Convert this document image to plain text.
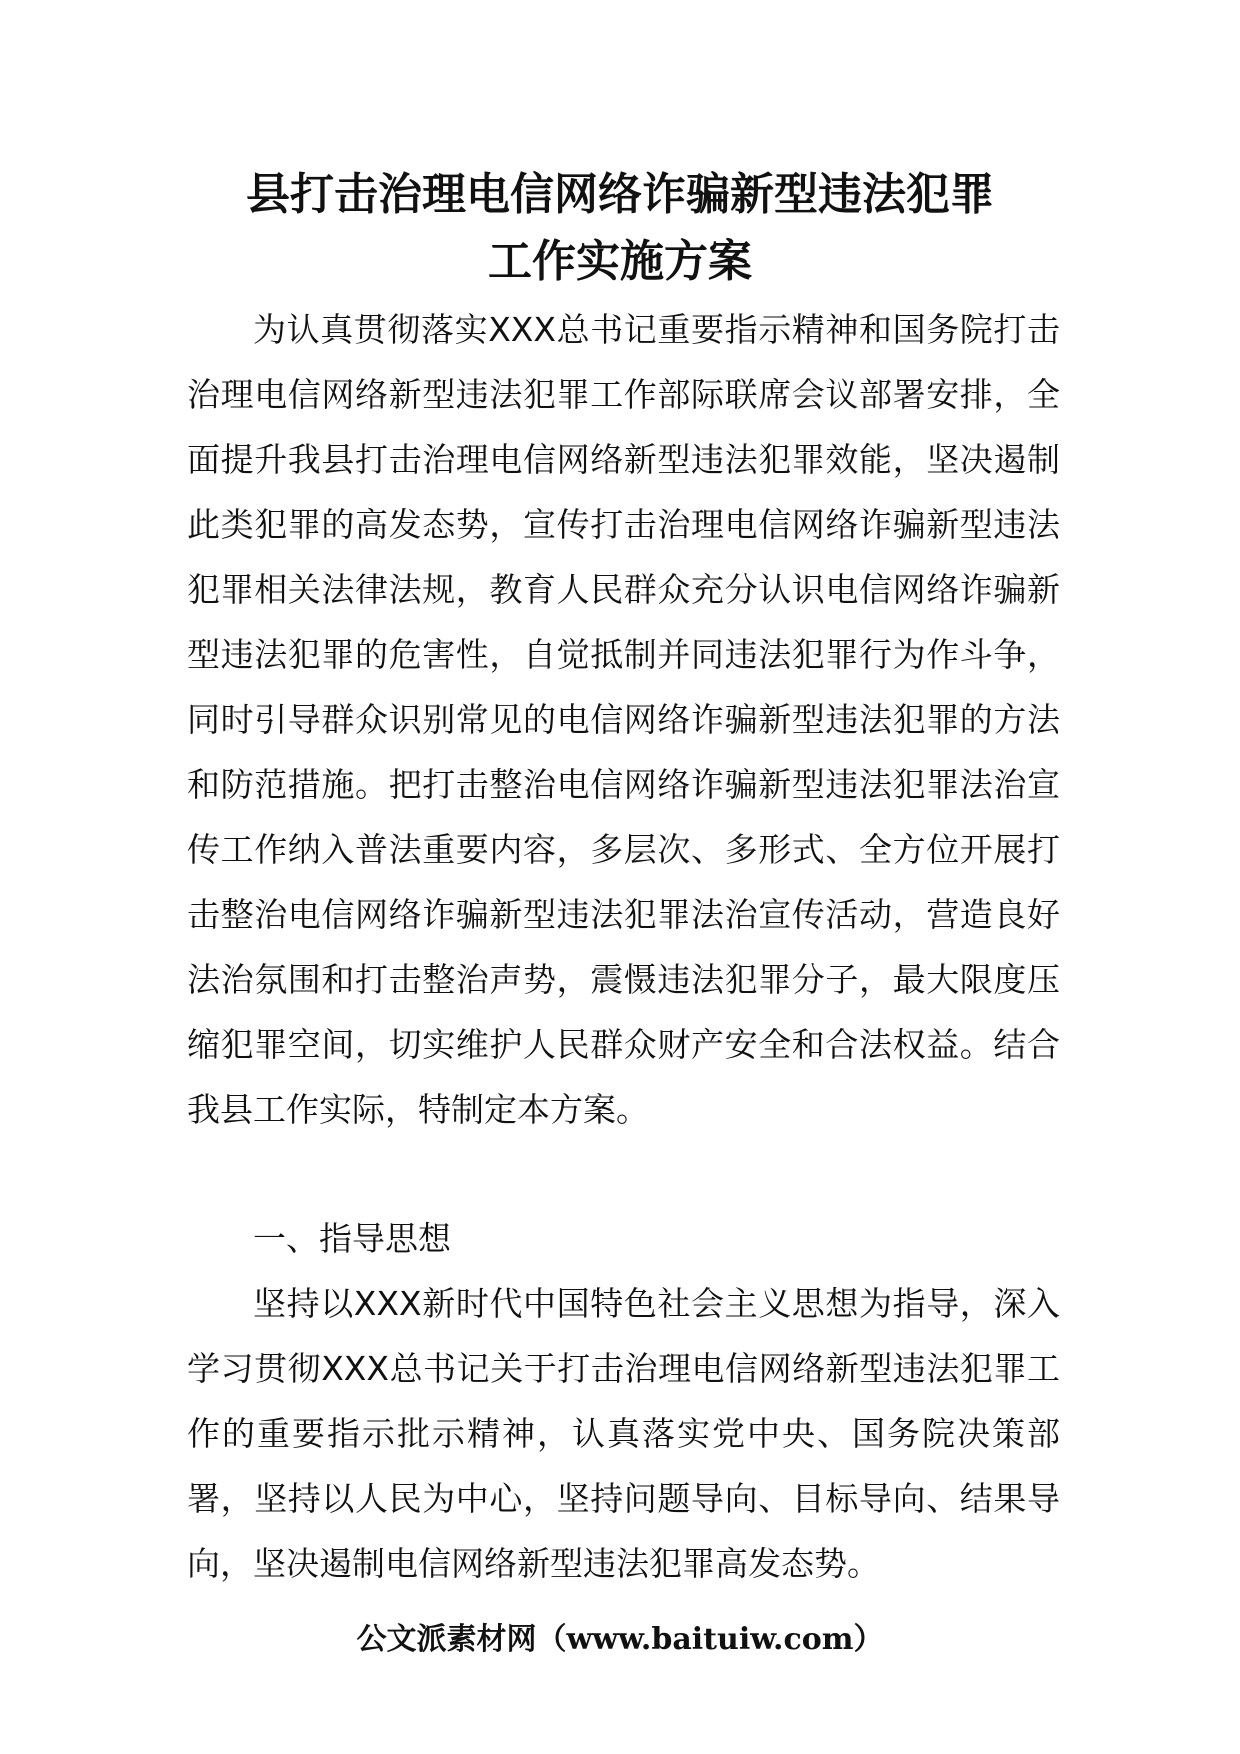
县打击治理电信网络诈骗新型违法犯罪
工作实施方案

为认真贯彻落实XXX总书记重要指示精神和国务院打击治理电信网络新型违法犯罪工作部际联席会议部署安排，全面提升我县打击治理电信网络新型违法犯罪效能，坚决遏制此类犯罪的高发态势，宣传打击治理电信网络诈骗新型违法犯罪相关法律法规，教育人民群众充分认识电信网络诈骗新型违法犯罪的危害性，自觉抵制并同违法犯罪行为作斗争，同时引导群众识别常见的电信网络诈骗新型违法犯罪的方法和防范措施。把打击整治电信网络诈骗新型违法犯罪法治宣传工作纳入普法重要内容，多层次、多形式、全方位开展打击整治电信网络诈骗新型违法犯罪法治宣传活动，营造良好法治氛围和打击整治声势，震慑违法犯罪分子，最大限度压缩犯罪空间，切实维护人民群众财产安全和合法权益。结合我县工作实际，特制定本方案。

一、指导思想

坚持以XXX新时代中国特色社会主义思想为指导，深入学习贯彻XXX总书记关于打击治理电信网络新型违法犯罪工作的重要指示批示精神，认真落实党中央、国务院决策部署，坚持以人民为中心，坚持问题导向、目标导向、结果导向，坚决遏制电信网络新型违法犯罪高发态势。

公文派素材网（www.baituiw.com）
